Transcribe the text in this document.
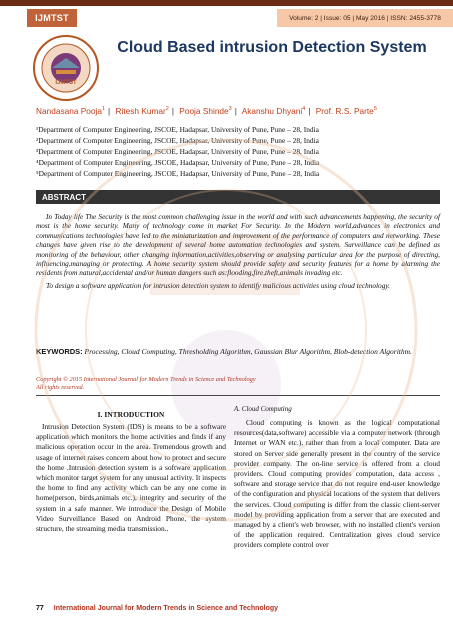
IJMTST	Volume: 2 | Issue: 05 | May 2016 | ISSN: 2455-3778
IJMTST
Cloud Based intrusion Detection System
Nandasana Pooja$^1$ | Ritesh Kumar$^2$ | Pooja Shinde$^3$ | Akanshu Dhyani$^4$ | Prof. R.S. Parte$^5$
¹Department of Computer Engineering, JSCOE, Hadapsar, University of Pune, Pune – 28, India
²Department of Computer Engineering, JSCOE, Hadapsar, University of Pune, Pune – 28, India
³Department of Computer Engineering, JSCOE, Hadapsar, University of Pune, Pune – 28, India
⁴Department of Computer Engineering, JSCOE, Hadapsar, University of Pune, Pune – 28, India
⁵Department of Computer Engineering, JSCOE, Hadapsar, University of Pune, Pune – 28, India
ABSTRACT

In Today life The Security is the most common challenging issue in the world and with such advancements happening, the security of most is the home security. Many of technology come in market For Security. In the Modern world,advances in electronics and communications technologies have led to the miniaturization and improvement of the performance of computers and networking. These changes have given rise to the development of several home automation technologies and system. Surveillance can be defined as monitoring of the behaviour, other changing information,activities,observing or analysing particular area for the purpose of directing, influencing,managing or protecting. A home security system should provide safety and security features for a home by alarming the residents from natural,accidental and/or human dangers such as:flooding,fire,theft,animals invading etc.

To design a software application for intrusion detection system to identify malicious activities using cloud technology.

KEYWORDS: Processing, Cloud Computing, Thresholding Algorithm, Gaussian Blur Algorithm, Blob-detection Algorithm.
Copyright © 2015 International Journal for Modern Trends in Science and Technology
All rights reserved.
I. INTRODUCTION

Intrusion Detection System (IDS) is means to be a software application which monitors the home activities and finds if any malicious operation occur in the area. Tremendous growth and usage of internet raises concern about how to protect and secure the home .Intrusion detection system is a software application which monitor target system for any unusual activity. It inspects the home to find any activity which can be any one come in home(person, birds,animals etc.), integrity and security of the system in a safe manner. We introduce the Design of Mobile Video Surveillance Based on Android Phone, the system structure, the streaming media transmission..

A. Cloud Computing

Cloud computing is known as the logical computational resources(data,software) accessible via a computer network (through Internet or WAN etc.), rather than from a local computer. Data are stored on Server side generally present in the country of the service provider company. The on-line service is offered from a cloud providers. Cloud computing provides computation, data access , software and storage service that do not require end-user knowledge of the configuration and physical locations of the system that delivers the services. Cloud computing is differ from the classic client-server model by providing application from a server that are executed and managed by a client's web browser, with no installed client's version of the application required. Centralization gives cloud service providers complete control over

77 International Journal for Modern Trends in Science and Technology
